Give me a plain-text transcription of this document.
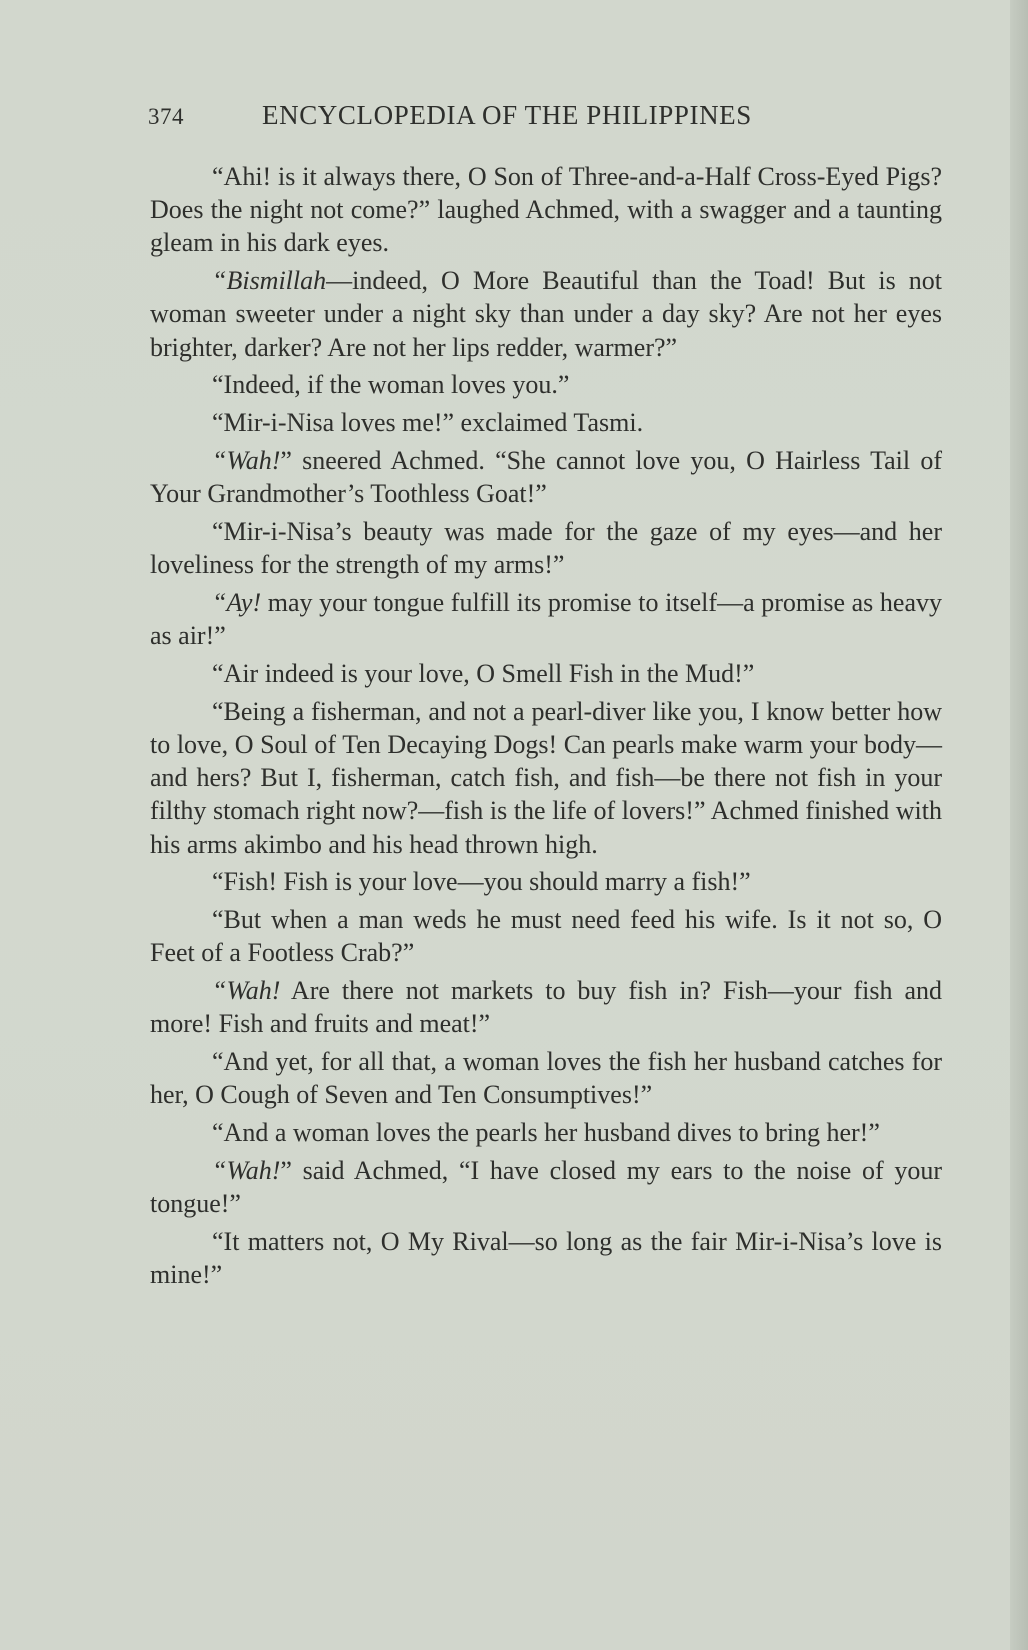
374	ENCYCLOPEDIA OF THE PHILIPPINES

“Ahi! is it always there, O Son of Three-and-a-Half Cross-Eyed Pigs? Does the night not come?” laughed Achmed, with a swagger and a taunting gleam in his dark eyes.

“Bismillah—indeed, O More Beautiful than the Toad! But is not woman sweeter under a night sky than under a day sky? Are not her eyes brighter, darker? Are not her lips redder, warmer?”

“Indeed, if the woman loves you.”

“Mir-i-Nisa loves me!” exclaimed Tasmi.

“Wah!” sneered Achmed. “She cannot love you, O Hairless Tail of Your Grandmother’s Toothless Goat!”

“Mir-i-Nisa’s beauty was made for the gaze of my eyes—and her loveliness for the strength of my arms!”

“Ay! may your tongue fulfill its promise to itself—a promise as heavy as air!”

“Air indeed is your love, O Smell Fish in the Mud!”

“Being a fisherman, and not a pearl-diver like you, I know better how to love, O Soul of Ten Decaying Dogs! Can pearls make warm your body—and hers? But I, fisherman, catch fish, and fish—be there not fish in your filthy stomach right now?—fish is the life of lovers!” Achmed finished with his arms akimbo and his head thrown high.

“Fish! Fish is your love—you should marry a fish!”

“But when a man weds he must need feed his wife. Is it not so, O Feet of a Footless Crab?”

“Wah! Are there not markets to buy fish in? Fish—your fish and more! Fish and fruits and meat!”

“And yet, for all that, a woman loves the fish her husband catches for her, O Cough of Seven and Ten Consumptives!”

“And a woman loves the pearls her husband dives to bring her!”

“Wah!” said Achmed, “I have closed my ears to the noise of your tongue!”

“It matters not, O My Rival—so long as the fair Mir-i-Nisa’s love is mine!”
